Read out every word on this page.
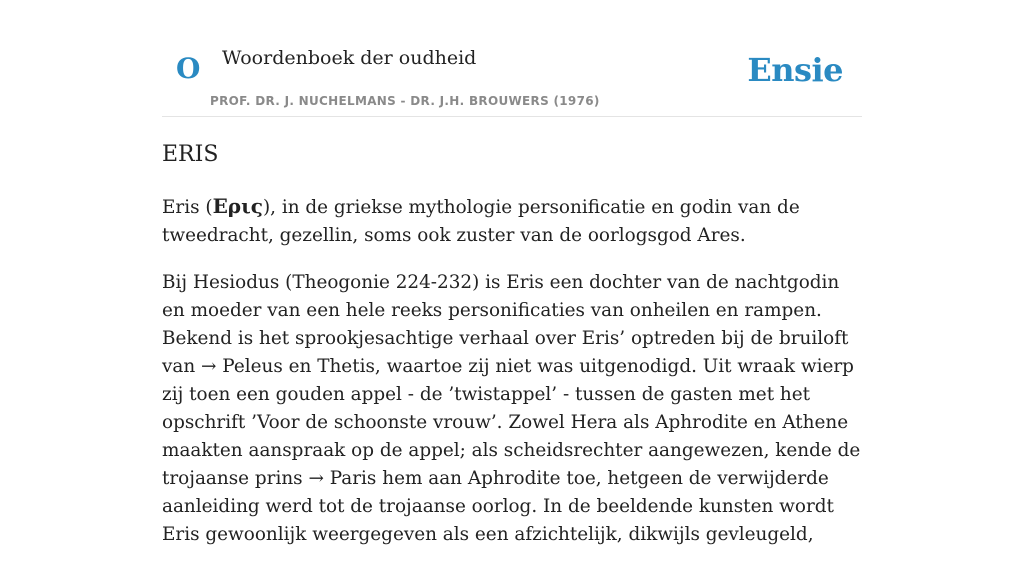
O Woordenboek der oudheid
PROF. DR. J. NUCHELMANS - DR. J.H. BROUWERS (1976)
Ensie
ERIS

Eris (Ερις), in de griekse mythologie personificatie en godin van de tweedracht, gezellin, soms ook zuster van de oorlogsgod Ares.

Bij Hesiodus (Theogonie 224-232) is Eris een dochter van de nachtgodin en moeder van een hele reeks personificaties van onheilen en rampen. Bekend is het sprookjesachtige verhaal over Eris’ optreden bij de bruiloft van → Peleus en Thetis, waartoe zij niet was uitgenodigd. Uit wraak wierp zij toen een gouden appel - de ’twistappel’ - tussen de gasten met het opschrift ’Voor de schoonste vrouw’. Zowel Hera als Aphrodite en Athene maakten aanspraak op de appel; als scheidsrechter aangewezen, kende de trojaanse prins → Paris hem aan Aphrodite toe, hetgeen de verwijderde aanleiding werd tot de trojaanse oorlog. In de beeldende kunsten wordt Eris gewoonlijk weergegeven als een afzichtelijk, dikwijls gevleugeld,
